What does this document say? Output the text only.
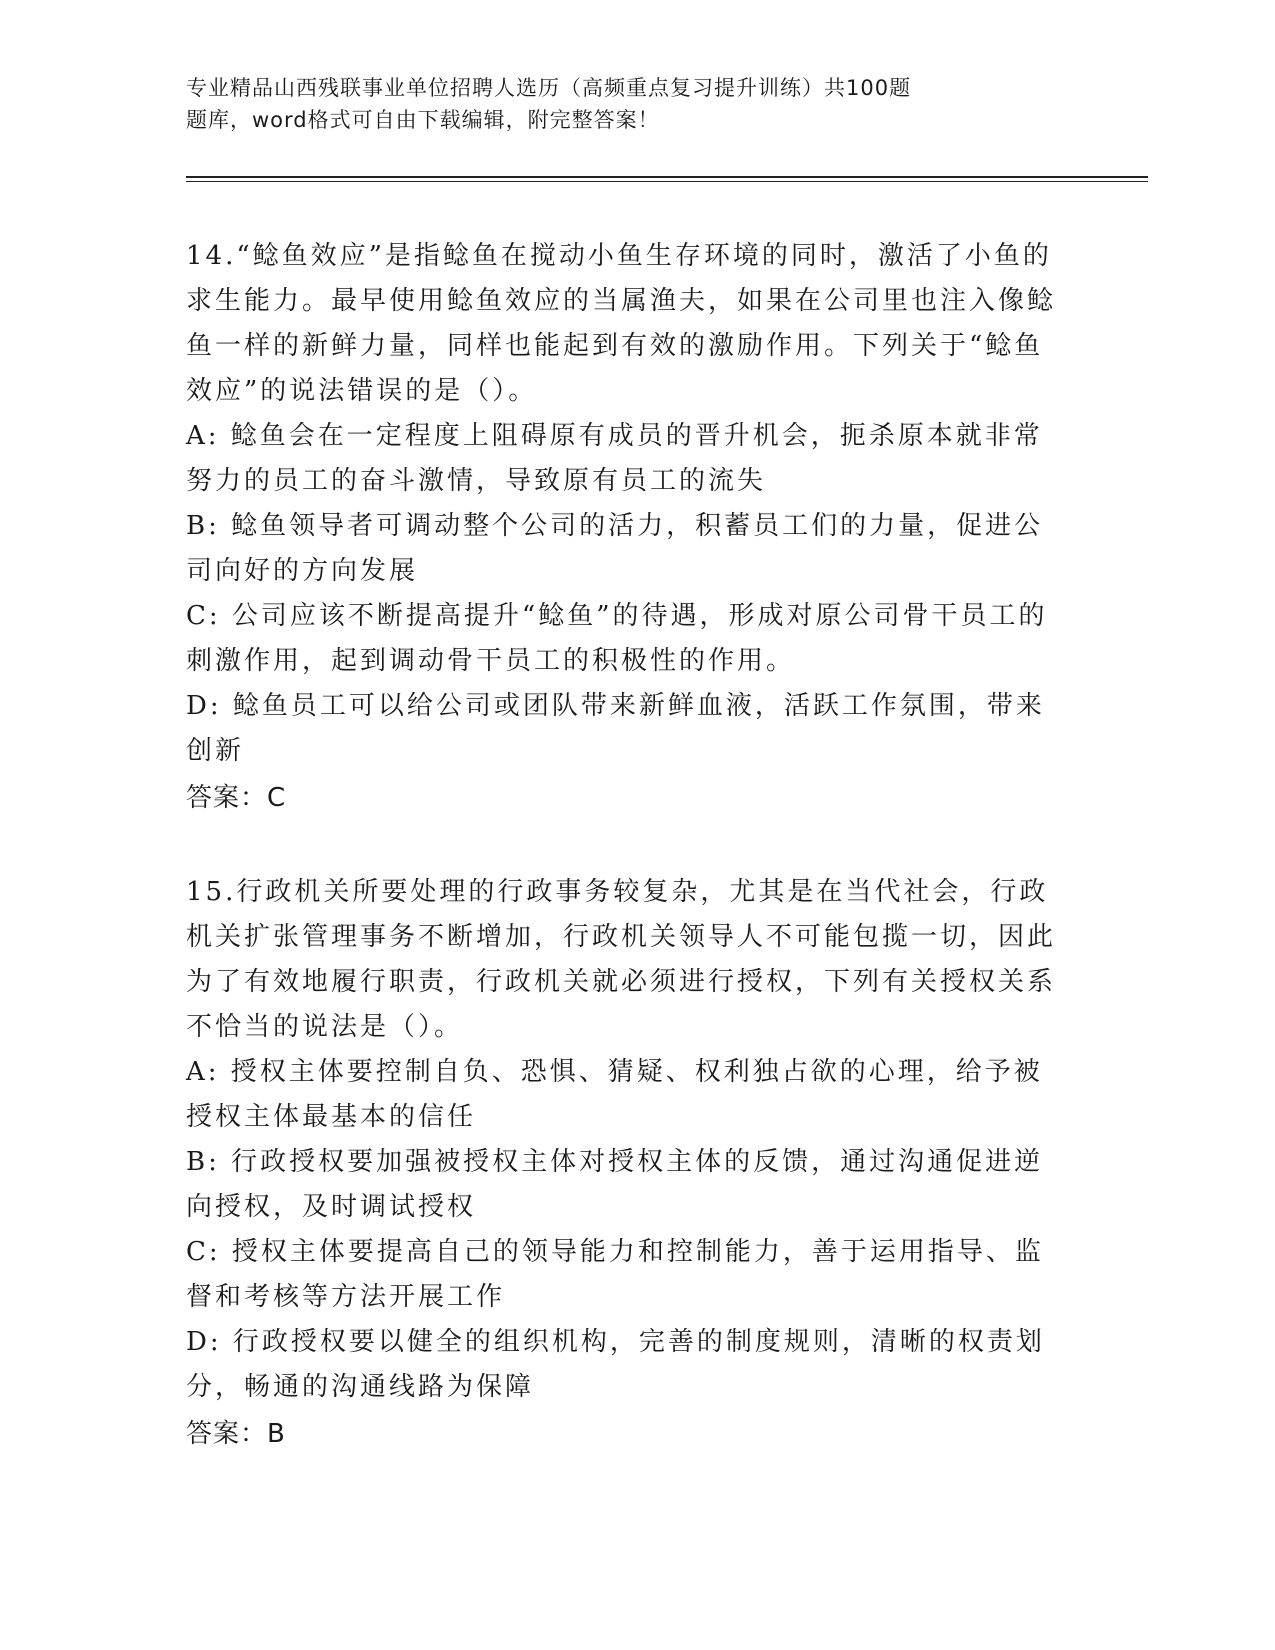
专业精品山西残联事业单位招聘人选历（高频重点复习提升训练）共100题
题库，word格式可自由下载编辑，附完整答案！

14.“鲶鱼效应”是指鲶鱼在搅动小鱼生存环境的同时，激活了小鱼的求生能力。最早使用鲶鱼效应的当属渔夫，如果在公司里也注入像鲶鱼一样的新鲜力量，同样也能起到有效的激励作用。下列关于“鲶鱼效应”的说法错误的是（）。

A: 鲶鱼会在一定程度上阻碍原有成员的晋升机会，扼杀原本就非常努力的员工的奋斗激情，导致原有员工的流失

B: 鲶鱼领导者可调动整个公司的活力，积蓄员工们的力量，促进公司向好的方向发展

C: 公司应该不断提高提升“鲶鱼”的待遇，形成对原公司骨干员工的刺激作用，起到调动骨干员工的积极性的作用。

D: 鲶鱼员工可以给公司或团队带来新鲜血液，活跃工作氛围，带来创新

答案：C

15.行政机关所要处理的行政事务较复杂，尤其是在当代社会，行政机关扩张管理事务不断增加，行政机关领导人不可能包揽一切，因此为了有效地履行职责，行政机关就必须进行授权，下列有关授权关系不恰当的说法是（）。

A: 授权主体要控制自负、恐惧、猜疑、权利独占欲的心理，给予被授权主体最基本的信任

B: 行政授权要加强被授权主体对授权主体的反馈，通过沟通促进逆向授权，及时调试授权

C: 授权主体要提高自己的领导能力和控制能力，善于运用指导、监督和考核等方法开展工作

D: 行政授权要以健全的组织机构，完善的制度规则，清晰的权责划分，畅通的沟通线路为保障

答案：B
